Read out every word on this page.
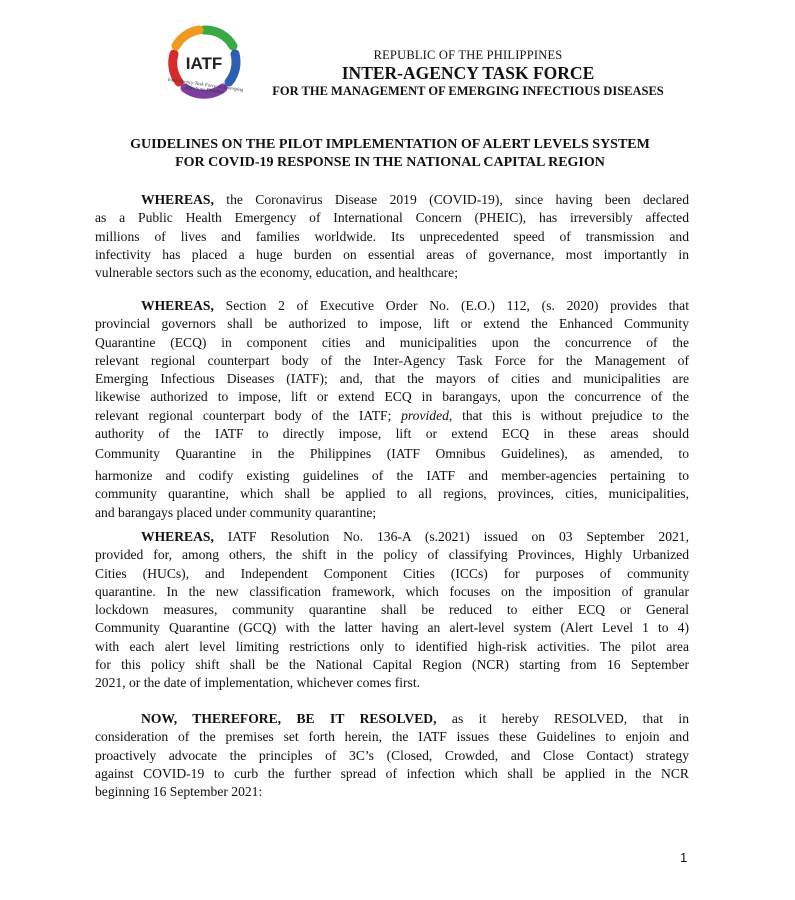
IATF
Inter-Agency Task Force on Emerging Infectious Diseases
REPUBLIC OF THE PHILIPPINES
INTER-AGENCY TASK FORCE
FOR THE MANAGEMENT OF EMERGING INFECTIOUS DISEASES
GUIDELINES ON THE PILOT IMPLEMENTATION OF ALERT LEVELS SYSTEM
FOR COVID-19 RESPONSE IN THE NATIONAL CAPITAL REGION
WHEREAS, the Coronavirus Disease 2019 (COVID-19), since having been declared
as a Public Health Emergency of International Concern (PHEIC), has irreversibly affected
millions of lives and families worldwide. Its unprecedented speed of transmission and
infectivity has placed a huge burden on essential areas of governance, most importantly in
vulnerable sectors such as the economy, education, and healthcare;
WHEREAS, Section 2 of Executive Order No. (E.O.) 112, (s. 2020) provides that
provincial governors shall be authorized to impose, lift or extend the Enhanced Community
Quarantine (ECQ) in component cities and municipalities upon the concurrence of the
relevant regional counterpart body of the Inter-Agency Task Force for the Management of
Emerging Infectious Diseases (IATF); and, that the mayors of cities and municipalities are
likewise authorized to impose, lift or extend ECQ in barangays, upon the concurrence of the
relevant regional counterpart body of the IATF; provided, that this is without prejudice to the
authority of the IATF to directly impose, lift or extend ECQ in these areas should
Community Quarantine in the Philippines (IATF Omnibus Guidelines), as amended, to
harmonize and codify existing guidelines of the IATF and member-agencies pertaining to
community quarantine, which shall be applied to all regions, provinces, cities, municipalities,
and barangays placed under community quarantine;
WHEREAS, IATF Resolution No. 136-A (s.2021) issued on 03 September 2021,
provided for, among others, the shift in the policy of classifying Provinces, Highly Urbanized
Cities (HUCs), and Independent Component Cities (ICCs) for purposes of community
quarantine. In the new classification framework, which focuses on the imposition of granular
lockdown measures, community quarantine shall be reduced to either ECQ or General
Community Quarantine (GCQ) with the latter having an alert-level system (Alert Level 1 to 4)
with each alert level limiting restrictions only to identified high-risk activities. The pilot area
for this policy shift shall be the National Capital Region (NCR) starting from 16 September
2021, or the date of implementation, whichever comes first.
NOW, THEREFORE, BE IT RESOLVED, as it hereby RESOLVED, that in
consideration of the premises set forth herein, the IATF issues these Guidelines to enjoin and
proactively advocate the principles of 3C’s (Closed, Crowded, and Close Contact) strategy
against COVID-19 to curb the further spread of infection which shall be applied in the NCR
beginning 16 September 2021:
1
